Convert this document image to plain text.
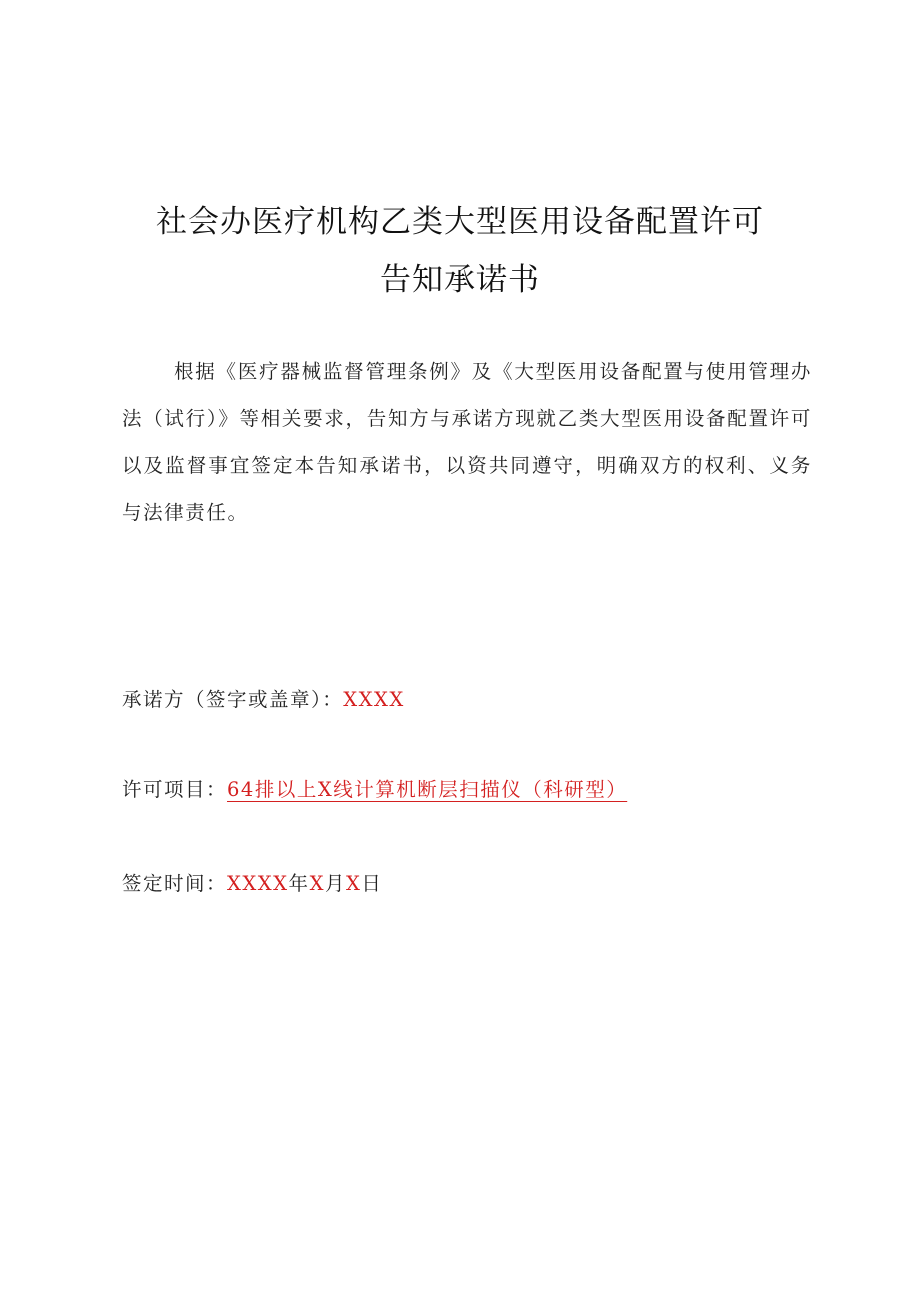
社会办医疗机构乙类大型医用设备配置许可
告知承诺书
根据《医疗器械监督管理条例》及《大型医用设备配置与使用管理办法（试行）》等相关要求，告知方与承诺方现就乙类大型医用设备配置许可以及监督事宜签定本告知承诺书，以资共同遵守，明确双方的权利、义务与法律责任。
承诺方（签字或盖章）：XXXX
许可项目：64排以上X线计算机断层扫描仪（科研型）
签定时间：XXXX年X月X日
